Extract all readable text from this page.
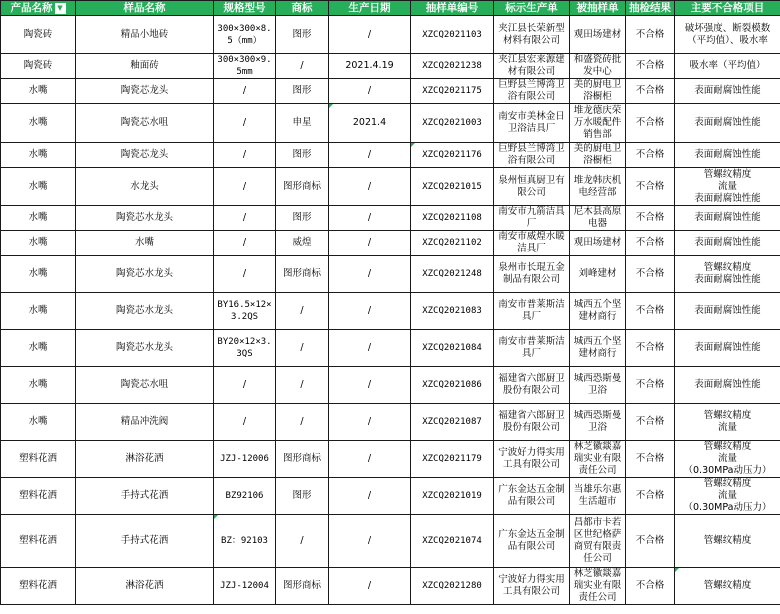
产品名称 ▼	样品名称	规格型号	商标	生产日期	抽样单编号	标示生产单	被抽样单	抽检结果	主要不合格项目
陶瓷砖	精品小地砖	300×300×8.5（mm）	图形	/	XZCQ2021103	夹江县长荣新型材料有限公司	观田场建材	不合格	破坏强度、断裂模数（平均值）、吸水率
陶瓷砖	釉面砖	300×300×9.5mm	/	2021.4.19	XZCQ2021238	夹江县宏来源建材有限公司	和盛瓷砖批发中心	不合格	吸水率（平均值）
水嘴	陶瓷芯龙头	/	图形	/	XZCQ2021175	巨野县兰博湾卫浴有限公司	美的厨电卫浴橱柜	不合格	表面耐腐蚀性能
水嘴	陶瓷芯水咀	/	申星	2021.4	XZCQ2021003	南安市美林金日卫浴洁具厂	堆龙德庆荣万水暖配件销售部	不合格	表面耐腐蚀性能
水嘴	陶瓷芯龙头	/	图形	/	XZCQ2021176	巨野县兰博湾卫浴有限公司	美的厨电卫浴橱柜	不合格	表面耐腐蚀性能
水嘴	水龙头	/	图形商标	/	XZCQ2021015	泉州恒真厨卫有限公司	堆龙韩庆机电经营部	不合格	管螺纹精度
流量
表面耐腐蚀性能
水嘴	陶瓷芯水龙头	/	图形	/	XZCQ2021108	南安市九箭洁具厂	尼木县高原电器	不合格	表面耐腐蚀性能
水嘴	水嘴	/	威煌	/	XZCQ2021102	南安市威煌水暖洁具厂	观田场建材	不合格	表面耐腐蚀性能
水嘴	陶瓷芯水龙头	/	图形商标	/	XZCQ2021248	泉州市长琨五金制品有限公司	刘峰建材	不合格	管螺纹精度
表面耐腐蚀性能
水嘴	陶瓷芯水龙头	BY16.5×12×3.2QS	/	/	XZCQ2021083	南安市普莱斯洁具厂	城西五个坚建材商行	不合格	表面耐腐蚀性能
水嘴	陶瓷芯水龙头	BY20×12×3.3QS	/	/	XZCQ2021084	南安市普莱斯洁具厂	城西五个坚建材商行	不合格	表面耐腐蚀性能
水嘴	陶瓷芯水咀	/	/	/	XZCQ2021086	福建省六郎厨卫股份有限公司	城西恐斯曼卫浴	不合格	表面耐腐蚀性能
水嘴	精品冲洗阀	/	/	/	XZCQ2021087	福建省六郎厨卫股份有限公司	城西恐斯曼卫浴	不合格	管螺纹精度
流量
塑料花洒	淋浴花洒	JZJ-12006	图形商标	/	XZCQ2021179	宁波好力得实用工具有限公司	林芝徽燚嘉瑞实业有限责任公司	不合格	管螺纹精度
流量
（0.30MPa动压力）
塑料花洒	手持式花洒	BZ92106	图形	/	XZCQ2021019	广东金达五金制品有限公司	当雄乐尔惠生活超市	不合格	管螺纹精度
流量
（0.30MPa动压力）
塑料花洒	手持式花洒	BZ：92103	/	/	XZCQ2021074	广东金达五金制品有限公司	昌都市卡若区世纪格萨商贸有限责任公司	不合格	管螺纹精度
塑料花洒	淋浴花洒	JZJ-12004	图形商标	/	XZCQ2021280	宁波好力得实用工具有限公司	林芝徽燚嘉瑞实业有限责任公司	不合格	管螺纹精度
